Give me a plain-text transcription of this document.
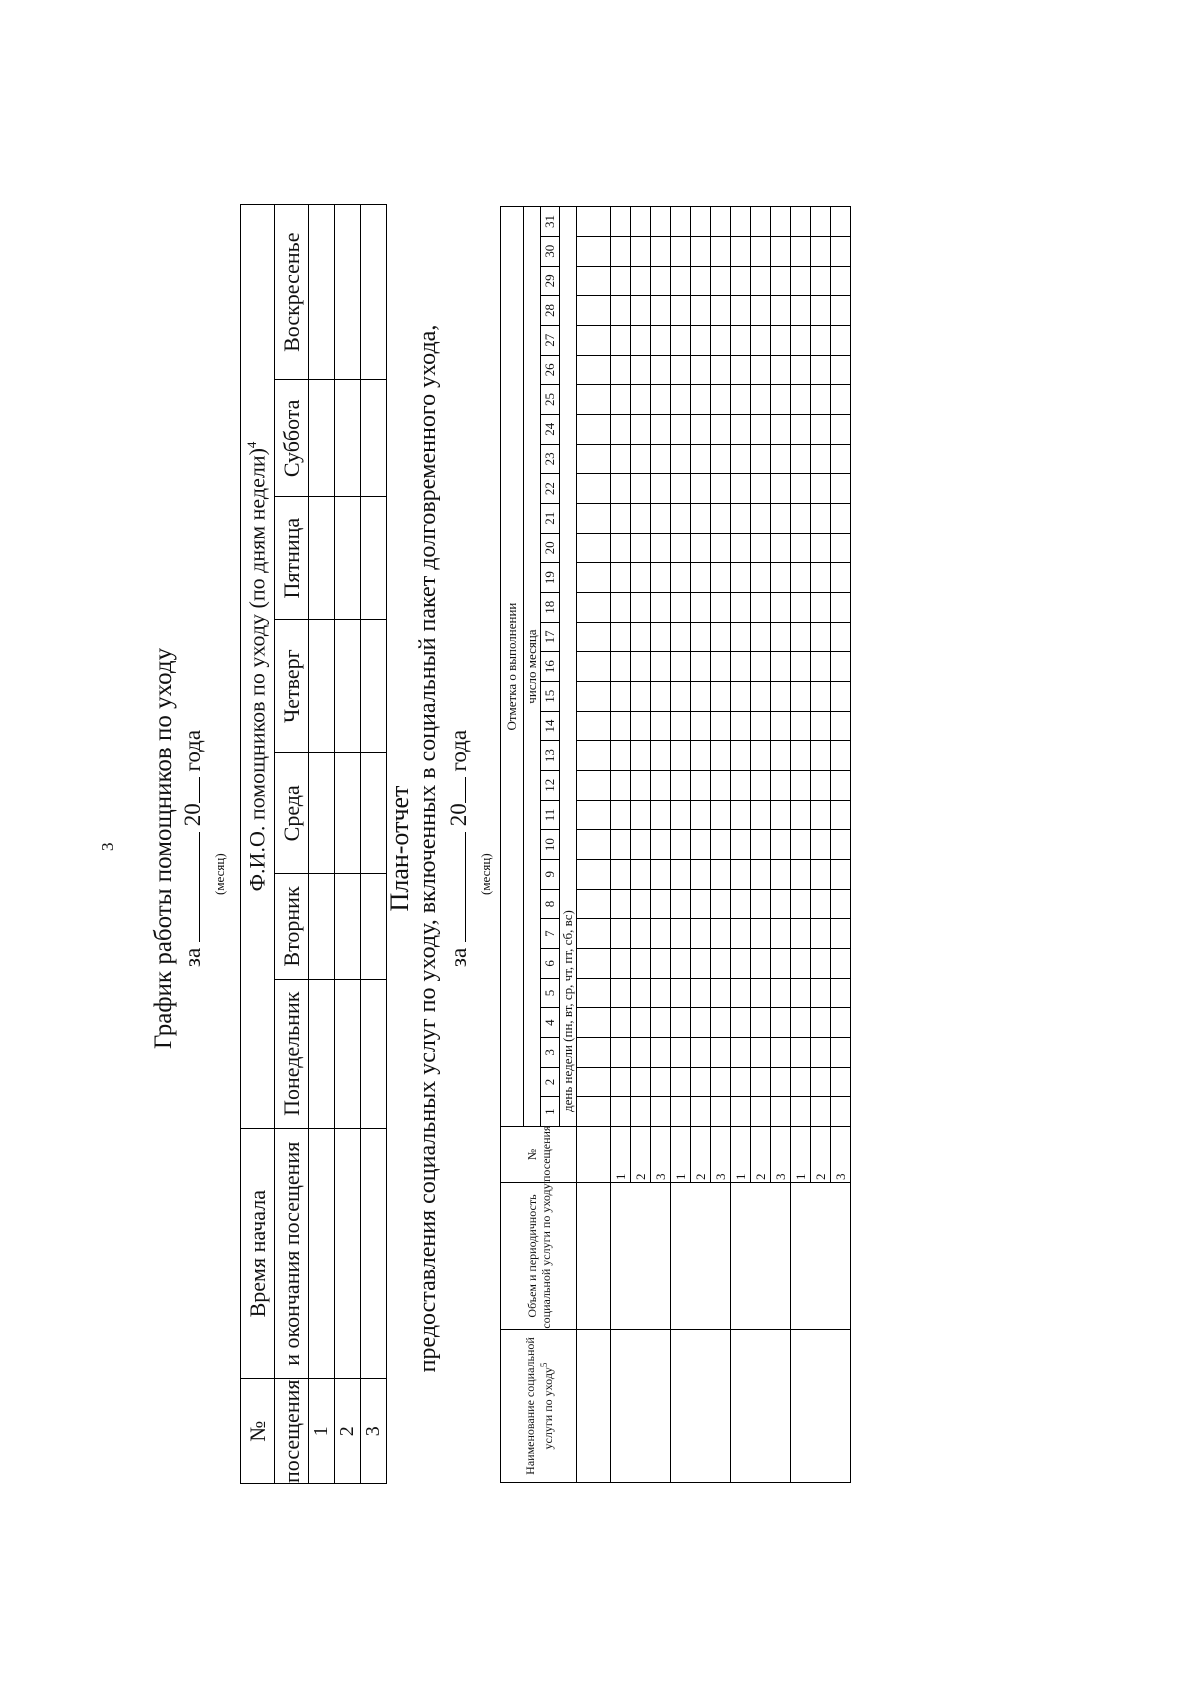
3 График работы помощников по уходу за  20 года
(месяц)
№	Время начала	Ф.И.О. помощников по уходу (по дням недели)$^4$
посещения	и окончания посещения	Понедельник	Вторник	Среда	Четверг	Пятница	Суббота	Воскресенье
1								
2								
3								
План-отчет предоставления социальных услуг по уходу, включенных в социальный пакет долговременного ухода, за  20 года
(месяц)
Наименование социальной услуги по уходу$^5$	Объем и периодичность социальной услуги по уходу	№ посещения	Отметка о выполнении																														
			число месяца																														
			1	2	3	4	5	6	7	8	9	10	11	12	13	14	15	16	17	18	19	20	21	22	23	24	25	26	27	28	29	30	31
			день недели (пн, вт, ср, чт, пт, сб, вс)																														

		1																															
		2																															
		3																															
		1																															
		2																															
		3																															
		1																															
		2																															
		3																															
		1																															
		2																															
		3																															
